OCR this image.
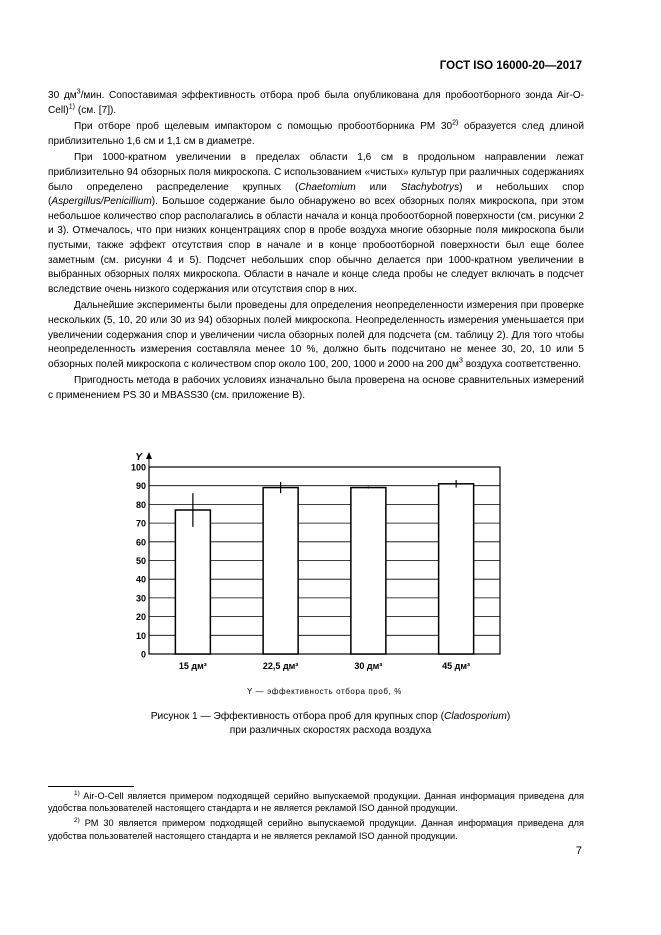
ГОСТ ISO 16000-20—2017

30 $дм^3$/мин. Сопоставимая эффективность отбора проб была опубликована для пробоотборного зонда Air-O-Cell)$^{1)}$ (см. [7]).

При отборе проб щелевым импактором с помощью пробоотборника РМ 30$^{2)}$ образуется след длиной приблизительно 1,6 см и 1,1 см в диаметре.

При 1000-кратном увеличении в пределах области 1,6 см в продольном направлении лежат приблизительно 94 обзорных поля микроскопа. С использованием «чистых» культур при различных содержаниях было определено распределение крупных (Chaetomium или Stachybotrys) и небольших спор (Aspergillus/Penicillium). Большое содержание было обнаружено во всех обзорных полях микроскопа, при этом небольшое количество спор располагались в области начала и конца пробоотборной поверхности (см. рисунки 2 и 3). Отмечалось, что при низких концентрациях спор в пробе воздуха многие обзорные поля микроскопа были пустыми, также эффект отсутствия спор в начале и в конце пробоотборной поверхности был еще более заметным (см. рисунки 4 и 5). Подсчет небольших спор обычно делается при 1000-кратном увеличении в выбранных обзорных полях микроскопа. Области в начале и конце следа пробы не следует включать в подсчет вследствие очень низкого содержания или отсутствия спор в них.

Дальнейшие эксперименты были проведены для определения неопределенности измерения при проверке нескольких (5, 10, 20 или 30 из 94) обзорных полей микроскопа. Неопределенность измерения уменьшается при увеличении содержания спор и увеличении числа обзорных полей для подсчета (см. таблицу 2). Для того чтобы неопределенность измерения составляла менее 10 %, должно быть подсчитано не менее 30, 20, 10 или 5 обзорных полей микроскопа с количеством спор около 100, 200, 1000 и 2000 на 200 $дм^3$ воздуха соответственно.

Пригодность метода в рабочих условиях изначально была проверена на основе сравнительных измерений с применением PS 30 и MBASS30 (см. приложение B).

0
10
20
30
40
50
60
70
80
90
100
Y
15 дм³	22,5 дм³	30 дм³	45 дм³
Y — эффективность отбора проб, %
Рисунок 1 — Эффективность отбора проб для крупных спор (Cladosporium)
при различных скоростях расхода воздуха

$^{1)}$ Air-O-Cell является примером подходящей серийно выпускаемой продукции. Данная информация приведена для удобства пользователей настоящего стандарта и не является рекламой ISO данной продукции.

$^{2)}$ РМ 30 является примером подходящей серийно выпускаемой продукции. Данная информация приведена для удобства пользователей настоящего стандарта и не является рекламой ISO данной продукции.

7
